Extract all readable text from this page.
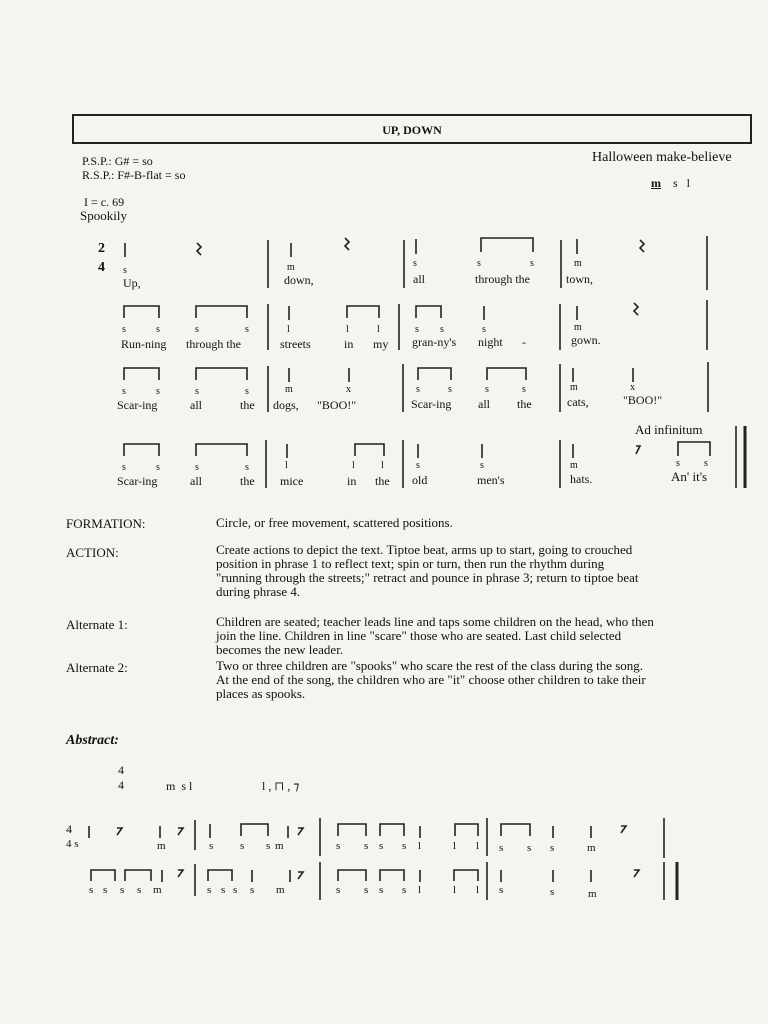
UP, DOWN
P.S.P.: G# = so
R.S.P.: F#-B-flat = so
Halloween make-believe
m s l
I = c. 69
Spookily
2
4 s	m	s	s	s	m
Up,	down,	all	through the	town,
s	s	s	s	l	l	l	s s	s	m
Run-ning through the	streets	in my gran-ny's night -	gown.
s	s	s	s	m	x	s	s	s	s	m	x
Scar-ing	all	the dogs, "BOO!"	Scar-ing all the	cats,	"BOO!"
Ad infinitum
s	s	s	s	l	l	l	s	s	m	s s
Scar-ing	all	the mice	in the old	men's	hats.	An' it's
FORMATION:	Circle, or free movement, scattered positions.
ACTION:	Create actions to depict the text. Tiptoe beat, arms up to start, going to crouched
position in phrase 1 to reflect text; spin or turn, then run the rhythm during
"running through the streets;" retract and pounce in phrase 3; return to tiptoe beat
during phrase 4.
Alternate 1:	Children are seated; teacher leads line and taps some children on the head, who then
join the line. Children in line "scare" those who are seated. Last child selected
becomes the new leader.
Alternate 2:	Two or three children are "spooks" who scare the rest of the class during the song.
At the end of the song, the children who are "it" choose other children to take their
places as spooks.
Abstract:
4
4	m  s l	l , ⊓ , ⁊
4
4 s	m	s s s m	s s s s l	l l s s s	m
s s s s m	s s s s m	s s s s l	l l s	s	m
